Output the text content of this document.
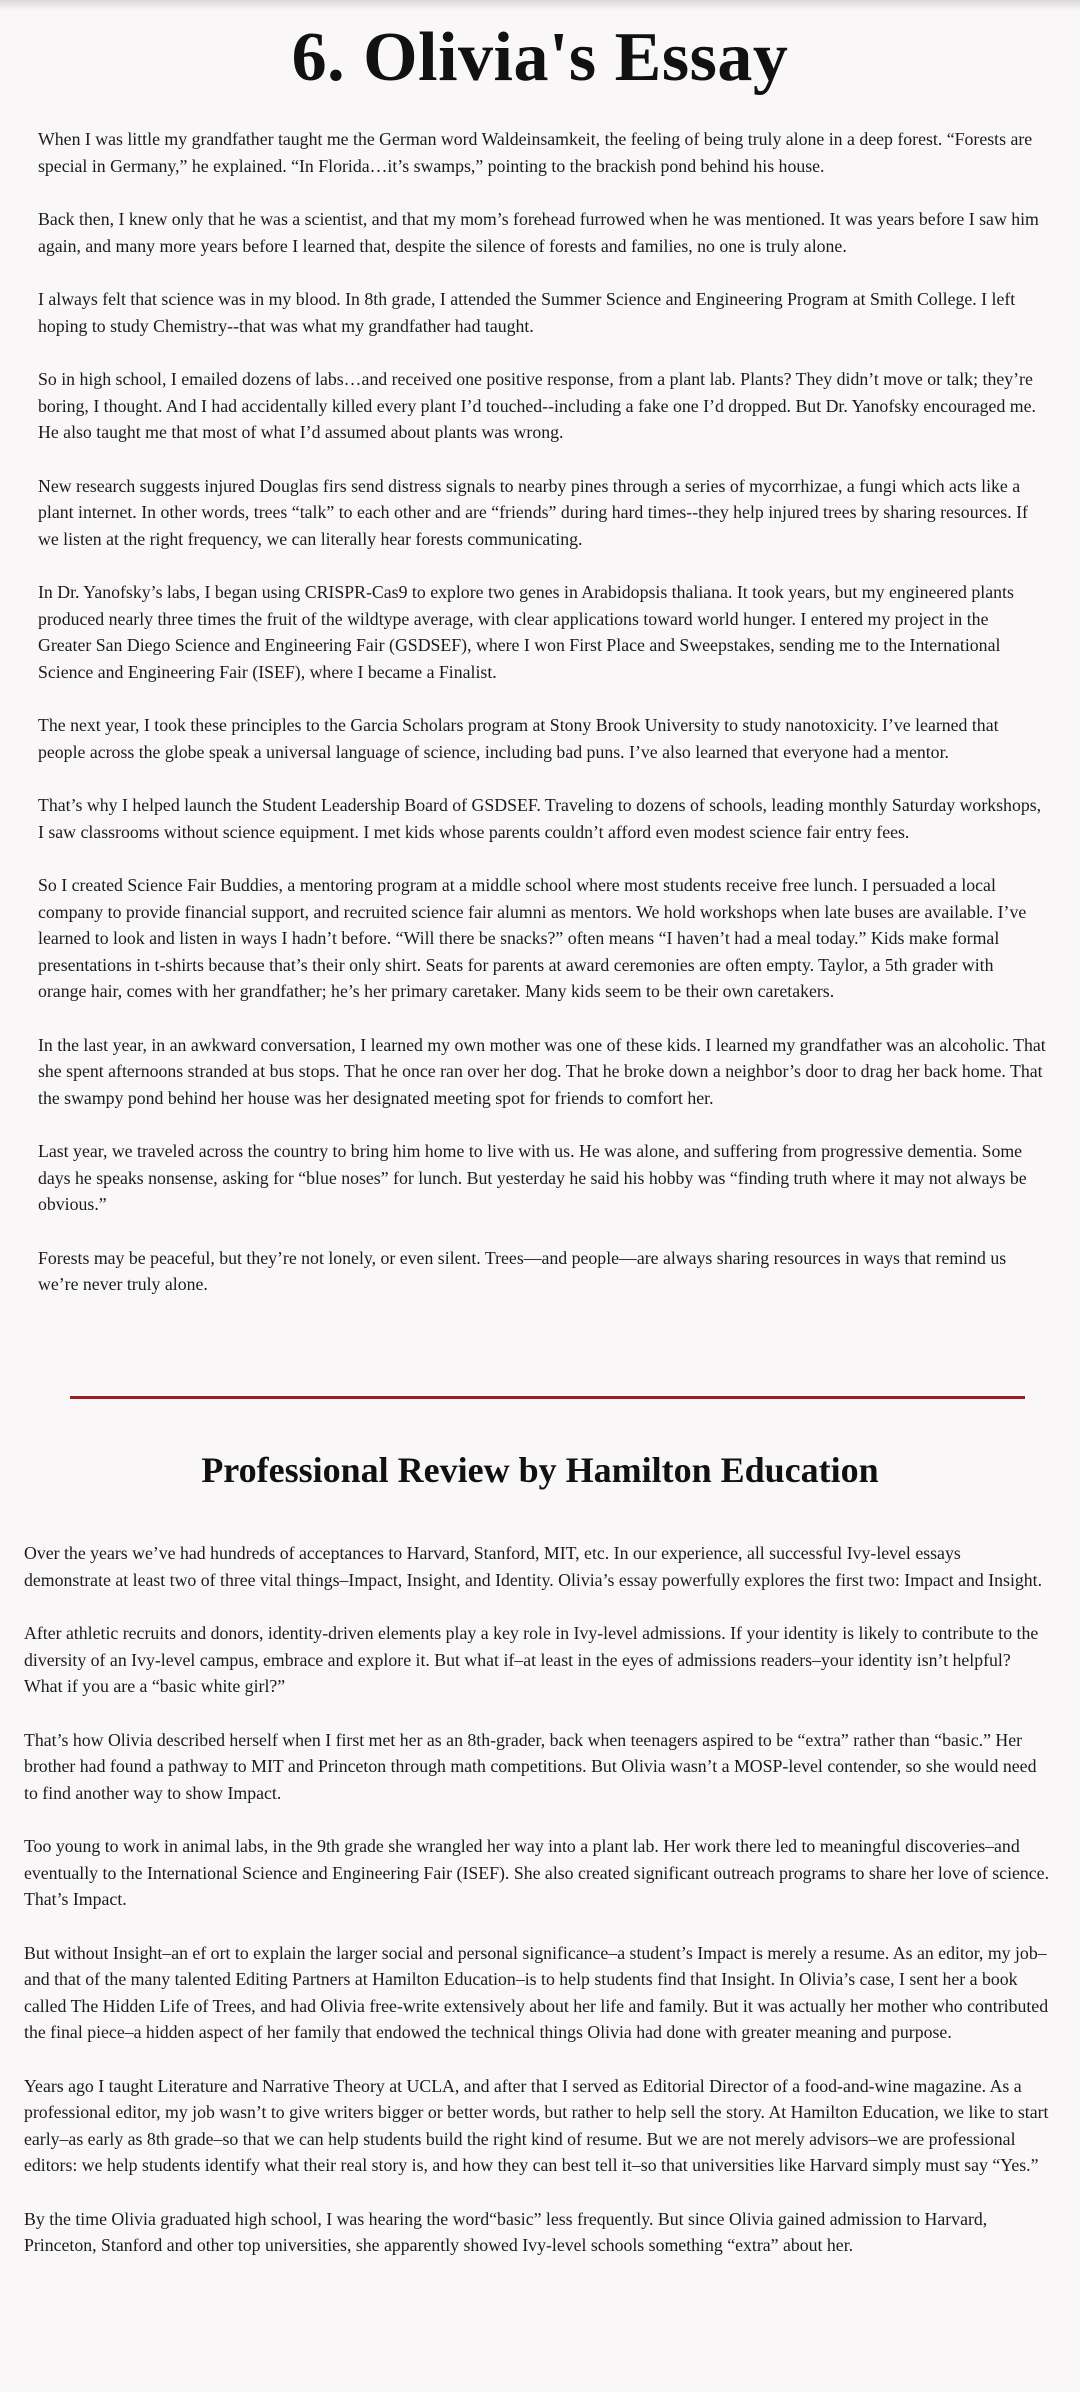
6. Olivia's Essay

When I was little my grandfather taught me the German word Waldeinsamkeit, the feeling of being truly alone in a deep forest. “Forests are special in Germany,” he explained. “In Florida…it’s swamps,” pointing to the brackish pond behind his house.

Back then, I knew only that he was a scientist, and that my mom’s forehead furrowed when he was mentioned. It was years before I saw him again, and many more years before I learned that, despite the silence of forests and families, no one is truly alone.

I always felt that science was in my blood. In 8th grade, I attended the Summer Science and Engineering Program at Smith College. I left hoping to study Chemistry--that was what my grandfather had taught.

So in high school, I emailed dozens of labs…and received one positive response, from a plant lab. Plants? They didn’t move or talk; they’re boring, I thought. And I had accidentally killed every plant I’d touched--including a fake one I’d dropped. But Dr. Yanofsky encouraged me. He also taught me that most of what I’d assumed about plants was wrong.

New research suggests injured Douglas firs send distress signals to nearby pines through a series of mycorrhizae, a fungi which acts like a plant internet. In other words, trees “talk” to each other and are “friends” during hard times--they help injured trees by sharing resources. If we listen at the right frequency, we can literally hear forests communicating.

In Dr. Yanofsky’s labs, I began using CRISPR-Cas9 to explore two genes in Arabidopsis thaliana. It took years, but my engineered plants produced nearly three times the fruit of the wildtype average, with clear applications toward world hunger. I entered my project in the Greater San Diego Science and Engineering Fair (GSDSEF), where I won First Place and Sweepstakes, sending me to the International Science and Engineering Fair (ISEF), where I became a Finalist.

The next year, I took these principles to the Garcia Scholars program at Stony Brook University to study nanotoxicity. I’ve learned that people across the globe speak a universal language of science, including bad puns. I’ve also learned that everyone had a mentor.

That’s why I helped launch the Student Leadership Board of GSDSEF. Traveling to dozens of schools, leading monthly Saturday workshops, I saw classrooms without science equipment. I met kids whose parents couldn’t afford even modest science fair entry fees.

So I created Science Fair Buddies, a mentoring program at a middle school where most students receive free lunch. I persuaded a local company to provide financial support, and recruited science fair alumni as mentors. We hold workshops when late buses are available. I’ve learned to look and listen in ways I hadn’t before. “Will there be snacks?” often means “I haven’t had a meal today.” Kids make formal presentations in t-shirts because that’s their only shirt. Seats for parents at award ceremonies are often empty. Taylor, a 5th grader with orange hair, comes with her grandfather; he’s her primary caretaker. Many kids seem to be their own caretakers.

In the last year, in an awkward conversation, I learned my own mother was one of these kids. I learned my grandfather was an alcoholic. That she spent afternoons stranded at bus stops. That he once ran over her dog. That he broke down a neighbor’s door to drag her back home. That the swampy pond behind her house was her designated meeting spot for friends to comfort her.

Last year, we traveled across the country to bring him home to live with us. He was alone, and suffering from progressive dementia. Some days he speaks nonsense, asking for “blue noses” for lunch. But yesterday he said his hobby was “finding truth where it may not always be obvious.”

Forests may be peaceful, but they’re not lonely, or even silent. Trees—and people—are always sharing resources in ways that remind us we’re never truly alone.

Professional Review by Hamilton Education

Over the years we’ve had hundreds of acceptances to Harvard, Stanford, MIT, etc. In our experience, all successful Ivy-level essays demonstrate at least two of three vital things–Impact, Insight, and Identity. Olivia’s essay powerfully explores the first two: Impact and Insight.

After athletic recruits and donors, identity-driven elements play a key role in Ivy-level admissions. If your identity is likely to contribute to the diversity of an Ivy-level campus, embrace and explore it. But what if–at least in the eyes of admissions readers–your identity isn’t helpful? What if you are a “basic white girl?”

That’s how Olivia described herself when I first met her as an 8th-grader, back when teenagers aspired to be “extra” rather than “basic.” Her brother had found a pathway to MIT and Princeton through math competitions. But Olivia wasn’t a MOSP-level contender, so she would need to find another way to show Impact.

Too young to work in animal labs, in the 9th grade she wrangled her way into a plant lab. Her work there led to meaningful discoveries–and eventually to the International Science and Engineering Fair (ISEF). She also created significant outreach programs to share her love of science. That’s Impact.

But without Insight–an ef ort to explain the larger social and personal significance–a student’s Impact is merely a resume. As an editor, my job–and that of the many talented Editing Partners at Hamilton Education–is to help students find that Insight. In Olivia’s case, I sent her a book called The Hidden Life of Trees, and had Olivia free-write extensively about her life and family. But it was actually her mother who contributed the final piece–a hidden aspect of her family that endowed the technical things Olivia had done with greater meaning and purpose.

Years ago I taught Literature and Narrative Theory at UCLA, and after that I served as Editorial Director of a food-and-wine magazine. As a professional editor, my job wasn’t to give writers bigger or better words, but rather to help sell the story. At Hamilton Education, we like to start early–as early as 8th grade–so that we can help students build the right kind of resume. But we are not merely advisors–we are professional editors: we help students identify what their real story is, and how they can best tell it–so that universities like Harvard simply must say “Yes.”

By the time Olivia graduated high school, I was hearing the word“basic” less frequently. But since Olivia gained admission to Harvard, Princeton, Stanford and other top universities, she apparently showed Ivy-level schools something “extra” about her.
